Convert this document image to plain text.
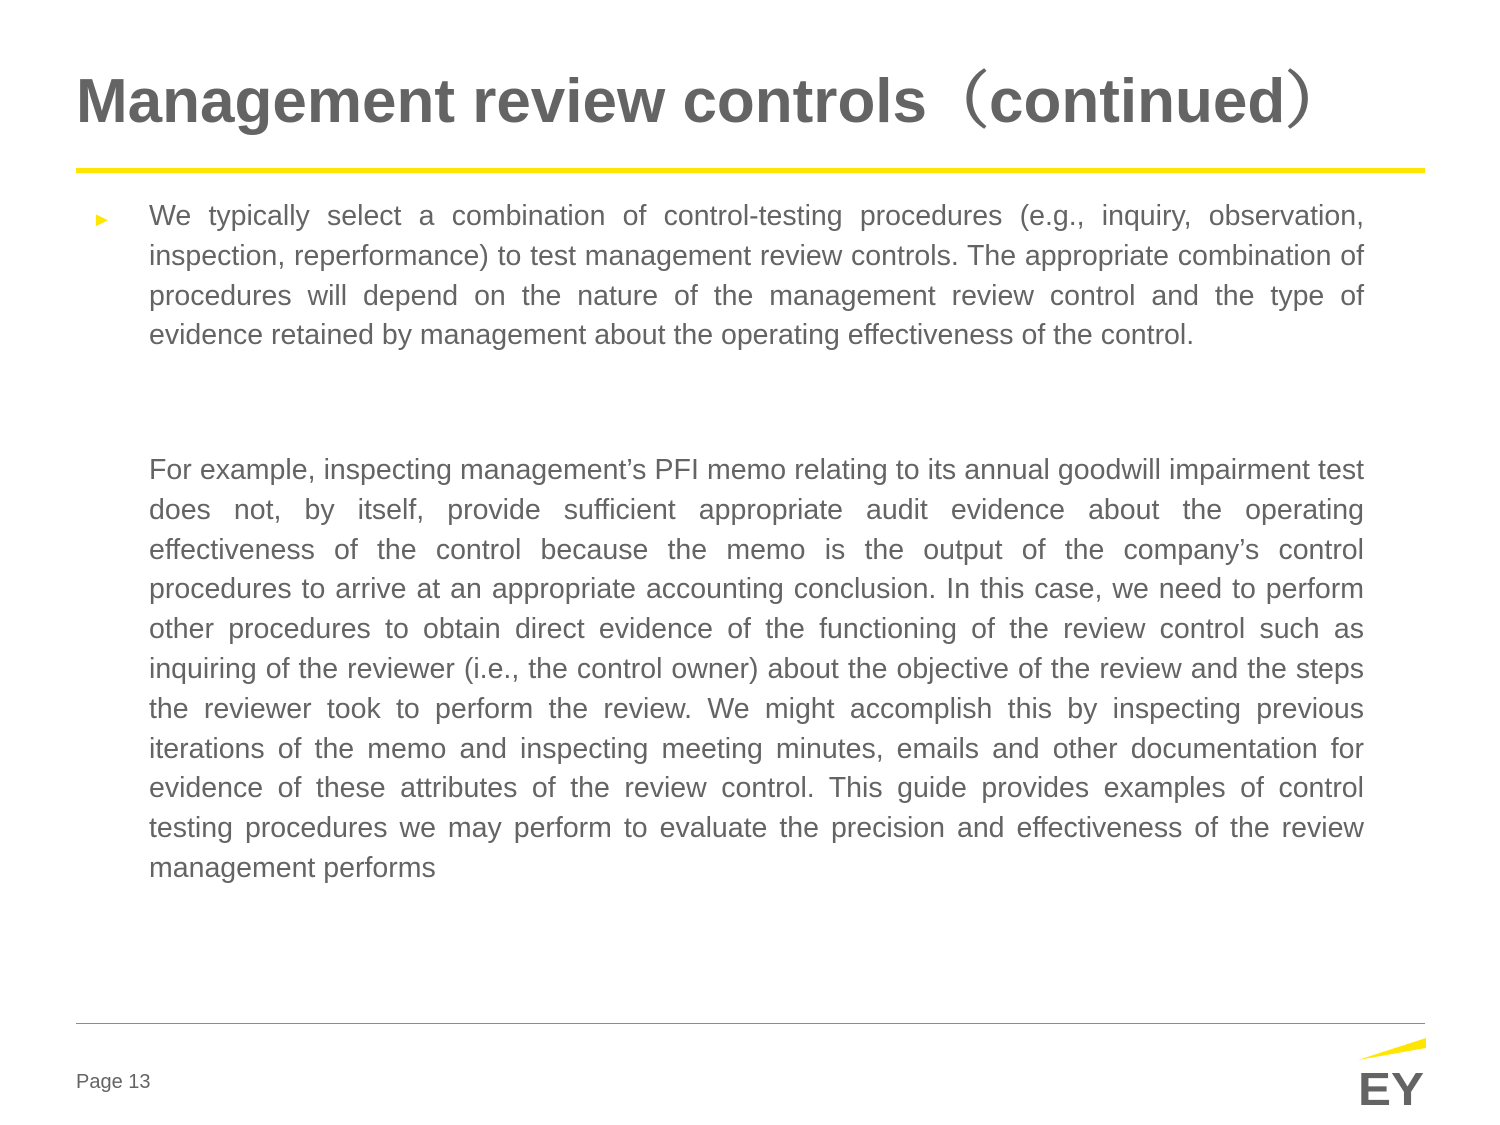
Management review controls（continued）
► We typically select a combination of control-testing procedures (e.g., inquiry, observation, inspection, reperformance) to test management review controls. The appropriate combination of procedures will depend on the nature of the management review control and the type of evidence retained by management about the operating effectiveness of the control.

For example, inspecting management’s PFI memo relating to its annual goodwill impairment test does not, by itself, provide sufficient appropriate audit evidence about the operating effectiveness of the control because the memo is the output of the company’s control procedures to arrive at an appropriate accounting conclusion. In this case, we need to perform other procedures to obtain direct evidence of the functioning of the review control such as inquiring of the reviewer (i.e., the control owner) about the objective of the review and the steps the reviewer took to perform the review. We might accomplish this by inspecting previous iterations of the memo and inspecting meeting minutes, emails and other documentation for evidence of these attributes of the review control. This guide provides examples of control testing procedures we may perform to evaluate the precision and effectiveness of the review management performs

Page 13	EY
